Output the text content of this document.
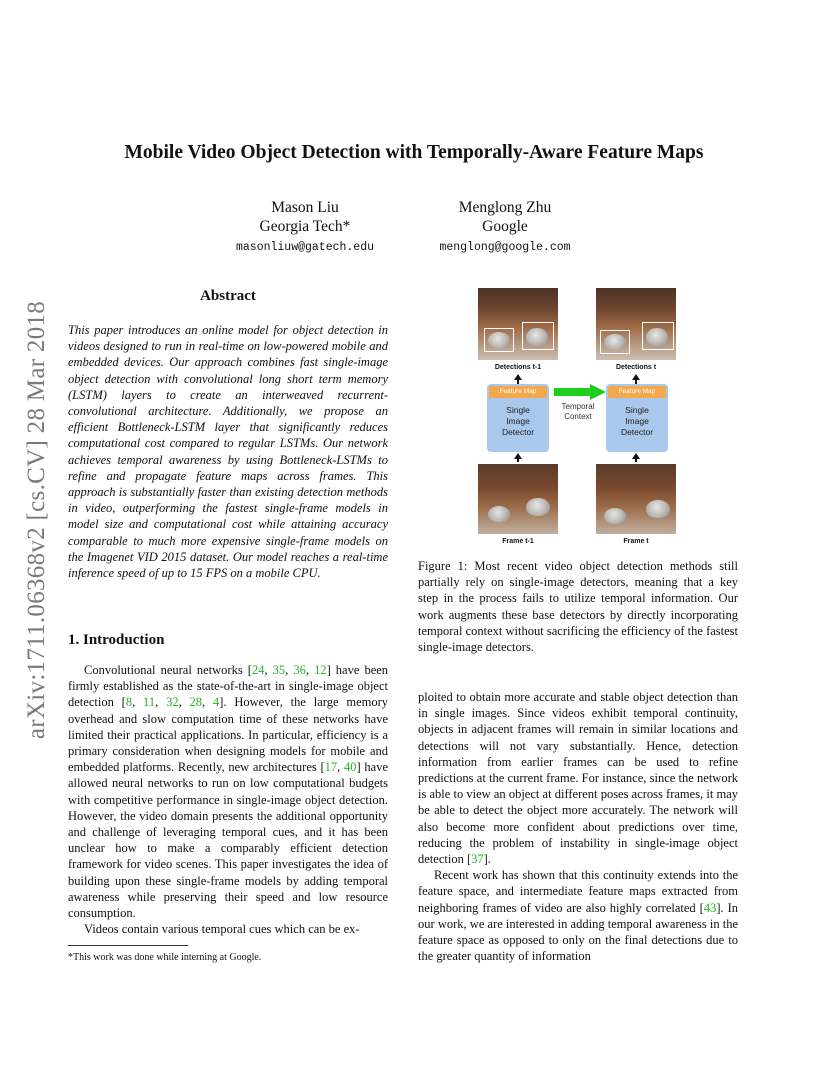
arXiv:1711.06368v2 [cs.CV] 28 Mar 2018
Mobile Video Object Detection with Temporally-Aware Feature Maps
Mason Liu
Georgia Tech*
masonliuw@gatech.edu
Menglong Zhu
Google
menglong@google.com
Abstract
This paper introduces an online model for object detection in videos designed to run in real-time on low-powered mobile and embedded devices. Our approach combines fast single-image object detection with convolutional long short term memory (LSTM) layers to create an interweaved recurrent-convolutional architecture. Additionally, we propose an efficient Bottleneck-LSTM layer that significantly reduces computational cost compared to regular LSTMs. Our network achieves temporal awareness by using Bottleneck-LSTMs to refine and propagate feature maps across frames. This approach is substantially faster than existing detection methods in video, outperforming the fastest single-frame models in model size and computational cost while attaining accuracy comparable to much more expensive single-frame models on the Imagenet VID 2015 dataset. Our model reaches a real-time inference speed of up to 15 FPS on a mobile CPU.
1. Introduction

Convolutional neural networks [24, 35, 36, 12] have been firmly established as the state-of-the-art in single-image object detection [8, 11, 32, 28, 4]. However, the large memory overhead and slow computation time of these networks have limited their practical applications. In particular, efficiency is a primary consideration when designing models for mobile and embedded platforms. Recently, new architectures [17, 40] have allowed neural networks to run on low computational budgets with competitive performance in single-image object detection. However, the video domain presents the additional opportunity and challenge of leveraging temporal cues, and it has been unclear how to make a comparably efficient detection framework for video scenes. This paper investigates the idea of building upon these single-frame models by adding temporal awareness while preserving their speed and low resource consumption.

Videos contain various temporal cues which can be ex-

*This work was done while interning at Google.
Detections t-1	Detections t
Feature Map
Single
Image
Detector
Feature Map
Single
Image
Detector
Temporal
Context
Frame t-1	Frame t
Figure 1: Most recent video object detection methods still partially rely on single-image detectors, meaning that a key step in the process fails to utilize temporal information. Our work augments these base detectors by directly incorporating temporal context without sacrificing the efficiency of the fastest single-image detectors.

ploited to obtain more accurate and stable object detection than in single images. Since videos exhibit temporal continuity, objects in adjacent frames will remain in similar locations and detections will not vary substantially. Hence, detection information from earlier frames can be used to refine predictions at the current frame. For instance, since the network is able to view an object at different poses across frames, it may be able to detect the object more accurately. The network will also become more confident about predictions over time, reducing the problem of instability in single-image object detection [37].

Recent work has shown that this continuity extends into the feature space, and intermediate feature maps extracted from neighboring frames of video are also highly correlated [43]. In our work, we are interested in adding temporal awareness in the feature space as opposed to only on the final detections due to the greater quantity of information
